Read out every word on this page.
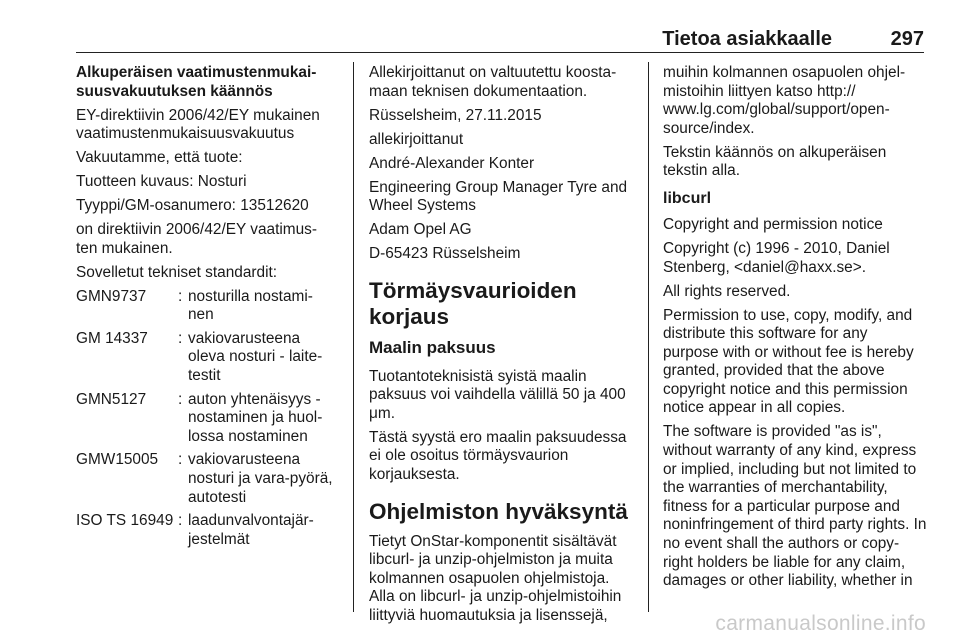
Tietoa asiakkaalle	297

Alkuperäisen vaatimustenmukai-suusvakuutuksen käännös

EY-direktiivin 2006/42/EY mukainen vaatimustenmukaisuusvakuutus

Vakuutamme, että tuote:

Tuotteen kuvaus: Nosturi

Tyyppi/GM-osanumero: 13512620

on direktiivin 2006/42/EY vaatimus-ten mukainen.

Sovelletut tekniset standardit:

GMN9737	:	nosturilla nostami-nen
GM 14337	:	vakiovarusteena oleva nosturi - laite-testit
GMN5127	:	auton yhtenäisyys - nostaminen ja huol-lossa nostaminen
GMW15005	:	vakiovarusteena nosturi ja vara-pyörä, autotesti
ISO TS 16949	:	laadunvalvontajär-jestelmät

Allekirjoittanut on valtuutettu koosta-maan teknisen dokumentaation.

Rüsselsheim, 27.11.2015

allekirjoittanut

André-Alexander Konter

Engineering Group Manager Tyre and Wheel Systems

Adam Opel AG

D-65423 Rüsselsheim

Törmäysvaurioiden korjaus
Maalin paksuus

Tuotantoteknisistä syistä maalin paksuus voi vaihdella välillä 50 ja 400 μm.

Tästä syystä ero maalin paksuudessa ei ole osoitus törmäysvaurion korjauksesta.

Ohjelmiston hyväksyntä

Tietyt OnStar-komponentit sisältävät libcurl- ja unzip-ohjelmiston ja muita kolmannen osapuolen ohjelmistoja. Alla on libcurl- ja unzip-ohjelmistoihin liittyviä huomautuksia ja lisenssejä,

muihin kolmannen osapuolen ohjel-mistoihin liittyen katso http:// www.lg.com/global/support/open-source/index.

Tekstin käännös on alkuperäisen tekstin alla.

libcurl

Copyright and permission notice

Copyright (c) 1996 - 2010, Daniel Stenberg, <daniel@haxx.se>.

All rights reserved.

Permission to use, copy, modify, and distribute this software for any purpose with or without fee is hereby granted, provided that the above copyright notice and this permission notice appear in all copies.

The software is provided "as is", without warranty of any kind, express or implied, including but not limited to the warranties of merchantability, fitness for a particular purpose and noninfringement of third party rights. In no event shall the authors or copy-right holders be liable for any claim, damages or other liability, whether in

carmanualsonline.info
